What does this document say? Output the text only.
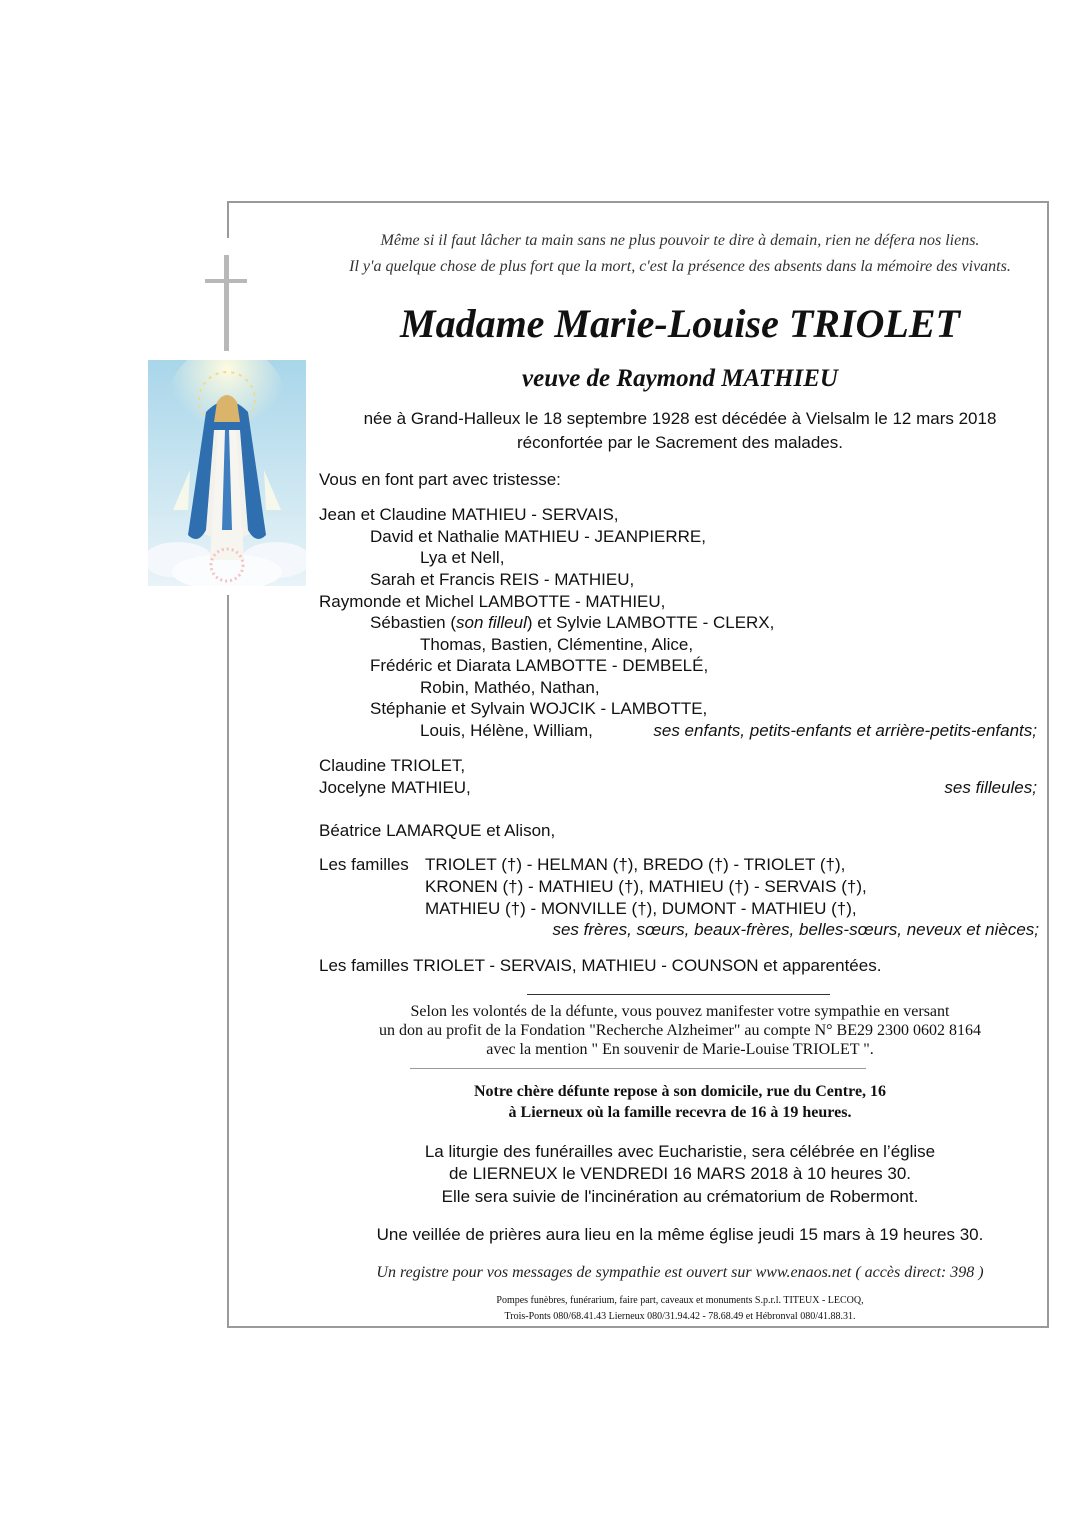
Même si il faut lâcher ta main sans ne plus pouvoir te dire à demain, rien ne défera nos liens.
Il y'a quelque chose de plus fort que la mort, c'est la présence des absents dans la mémoire des vivants.
Madame Marie-Louise TRIOLET
veuve de Raymond MATHIEU
née à Grand-Halleux le 18 septembre 1928 est décédée à Vielsalm le 12 mars 2018
réconfortée par le Sacrement des malades.
Vous en font part avec tristesse:
Jean et Claudine MATHIEU - SERVAIS,
David et Nathalie MATHIEU - JEANPIERRE,
Lya et Nell,
Sarah et Francis REIS - MATHIEU,
Raymonde et Michel LAMBOTTE - MATHIEU,
Sébastien (son filleul) et Sylvie LAMBOTTE - CLERX,
Thomas, Bastien, Clémentine, Alice,
Frédéric et Diarata LAMBOTTE - DEMBELÉ,
Robin, Mathéo, Nathan,
Stéphanie et Sylvain WOJCIK - LAMBOTTE,
Louis, Hélène, William,	ses enfants, petits-enfants et arrière-petits-enfants;
Claudine TRIOLET,
Jocelyne MATHIEU,	ses filleules;
Béatrice LAMARQUE et Alison,
Les familles TRIOLET (†) - HELMAN (†), BREDO (†) - TRIOLET (†),
KRONEN (†) - MATHIEU (†), MATHIEU (†) - SERVAIS (†),
MATHIEU (†) - MONVILLE (†), DUMONT - MATHIEU (†),
ses frères, sœurs, beaux-frères, belles-sœurs, neveux et nièces;
Les familles TRIOLET - SERVAIS, MATHIEU - COUNSON et apparentées.
Selon les volontés de la défunte, vous pouvez manifester votre sympathie en versant
un don au profit de la Fondation "Recherche Alzheimer" au compte N° BE29 2300 0602 8164
avec la mention " En souvenir de Marie-Louise TRIOLET ".
Notre chère défunte repose à son domicile, rue du Centre, 16
à Lierneux où la famille recevra de 16 à 19 heures.
La liturgie des funérailles avec Eucharistie, sera célébrée en l’église
de LIERNEUX le VENDREDI 16 MARS 2018 à 10 heures 30.
Elle sera suivie de l'incinération au crématorium de Robermont.
Une veillée de prières aura lieu en la même église jeudi 15 mars à 19 heures 30.
Un registre pour vos messages de sympathie est ouvert sur www.enaos.net ( accès direct: 398 )
Pompes funèbres, funérarium, faire part, caveaux et monuments S.p.r.l. TITEUX - LECOQ,
Trois-Ponts 080/68.41.43 Lierneux 080/31.94.42 - 78.68.49 et Hébronval 080/41.88.31.
